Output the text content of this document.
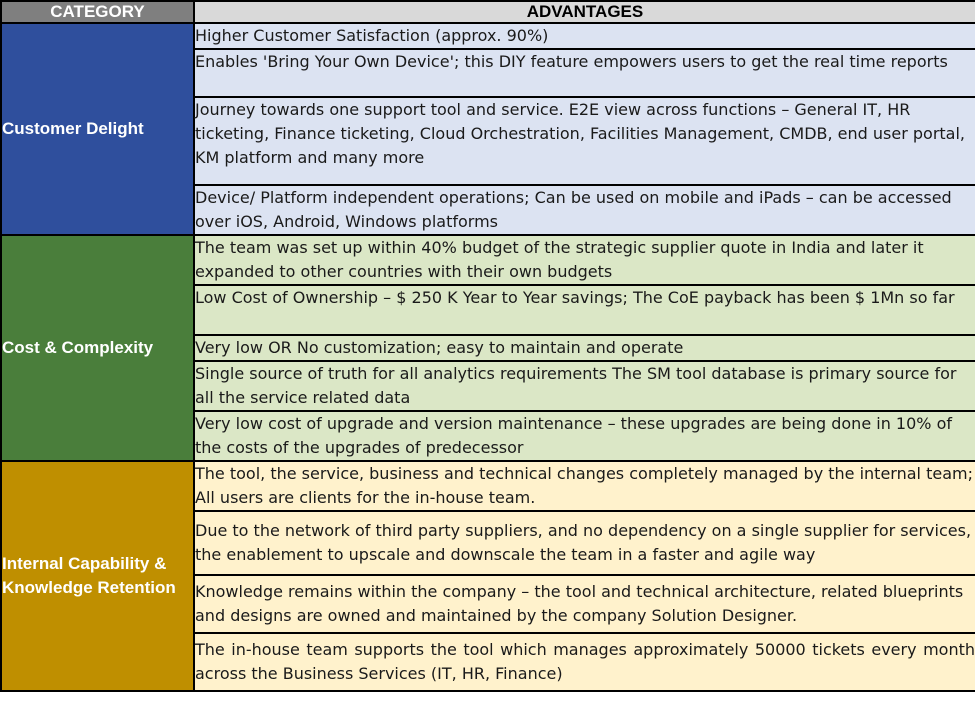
CATEGORY	ADVANTAGES
Customer Delight	Higher Customer Satisfaction (approx. 90%)
	Enables 'Bring Your Own Device'; this DIY feature empowers users to get the real time reports
	Journey towards one support tool and service. E2E view across functions – General IT, HR ticketing, Finance ticketing, Cloud Orchestration, Facilities Management, CMDB, end user portal, KM platform and many more
	Device/ Platform independent operations; Can be used on mobile and iPads – can be accessed over iOS, Android, Windows platforms
Cost & Complexity	The team was set up within 40% budget of the strategic supplier quote in India and later it expanded to other countries with their own budgets
	Low Cost of Ownership – $ 250 K Year to Year savings; The CoE payback has been $ 1Mn so far
	Very low OR No customization; easy to maintain and operate
	Single source of truth for all analytics requirements The SM tool database is primary source for all the service related data
	Very low cost of upgrade and version maintenance – these upgrades are being done in 10% of the costs of the upgrades of predecessor
Internal Capability & Knowledge Retention	The tool, the service, business and technical changes completely managed by the internal team; All users are clients for the in-house team.
	Due to the network of third party suppliers, and no dependency on a single supplier for services, the enablement to upscale and downscale the team in a faster and agile way
	Knowledge remains within the company – the tool and technical architecture, related blueprints and designs are owned and maintained by the company Solution Designer.
	The in-house team supports the tool which manages approximately 50000 tickets every month across the Business Services (IT, HR, Finance)
